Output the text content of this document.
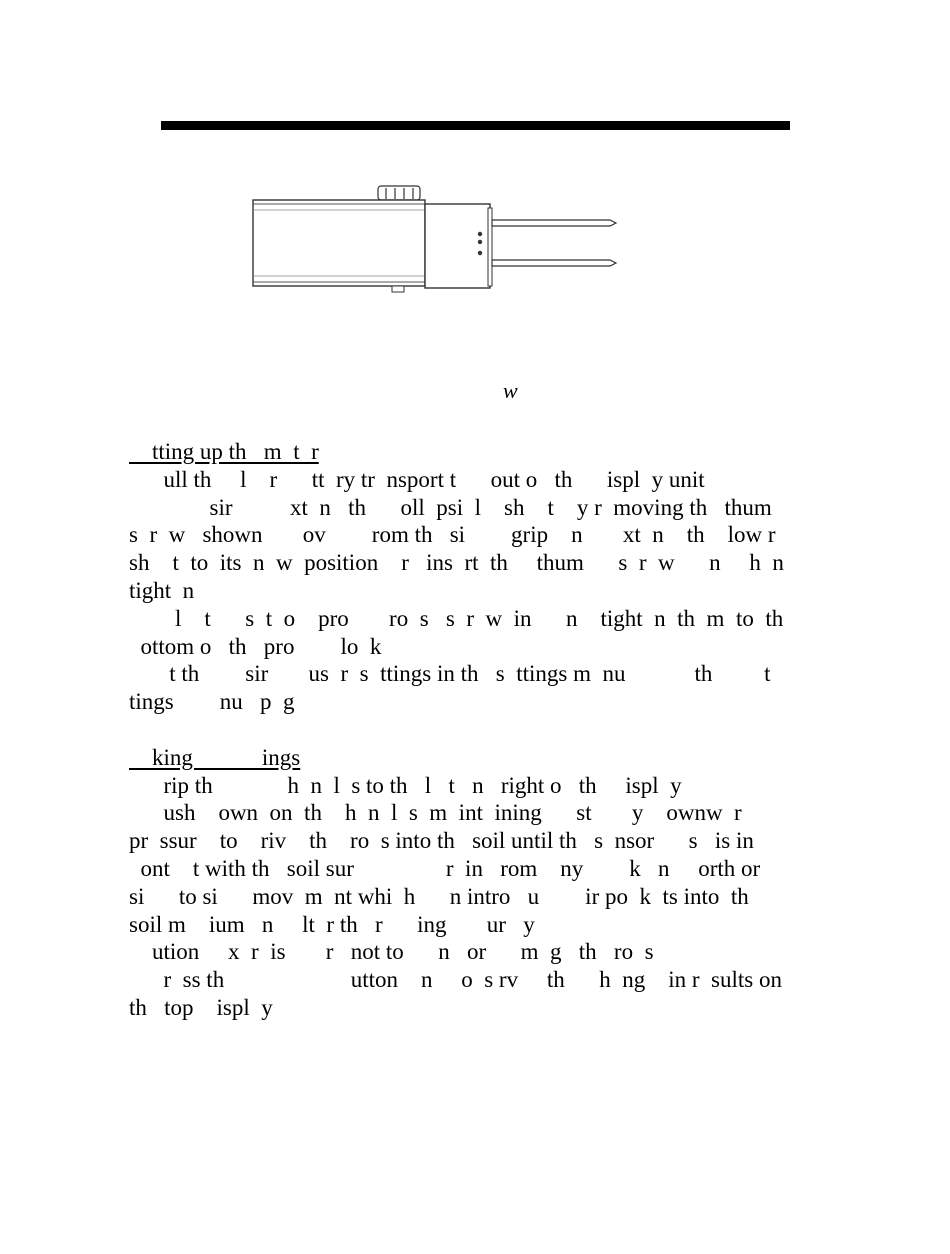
w
tting up th   m  t  r
ull th     l    r      tt  ry tr  nsport t      out o   th      ispl  y unit
sir          xt  n   th      oll  psi  l    sh    t    y r  moving th   thum
s  r  w   shown       ov        rom th   si        grip    n       xt  n    th    low r
sh    t  to  its  n  w  position    r   ins  rt  th     thum      s  r  w      n     h  n
tight  n
l    t      s  t  o    pro       ro  s   s  r  w  in      n    tight  n  th  m  to  th
ottom o   th   pro        lo  k
t th        sir       us  r  s  ttings in th   s  ttings m  nu            th         t
tings        nu   p  g
king            ings
rip th             h  n  l  s to th   l   t   n   right o   th     ispl  y
ush    own  on  th    h  n  l  s  m  int  ining      st       y    ownw  r
pr  ssur    to    riv    th    ro  s into th   soil until th   s  nsor      s   is in
ont    t with th   soil sur                r  in   rom    ny        k   n     orth or
si      to si      mov  m  nt whi  h      n intro   u        ir po  k  ts into  th
soil m    ium   n     lt  r th   r      ing       ur   y
ution     x  r  is       r   not to      n   or      m  g   th   ro  s
r  ss th                      utton    n     o  s rv     th      h  ng    in r  sults on
th   top    ispl  y
